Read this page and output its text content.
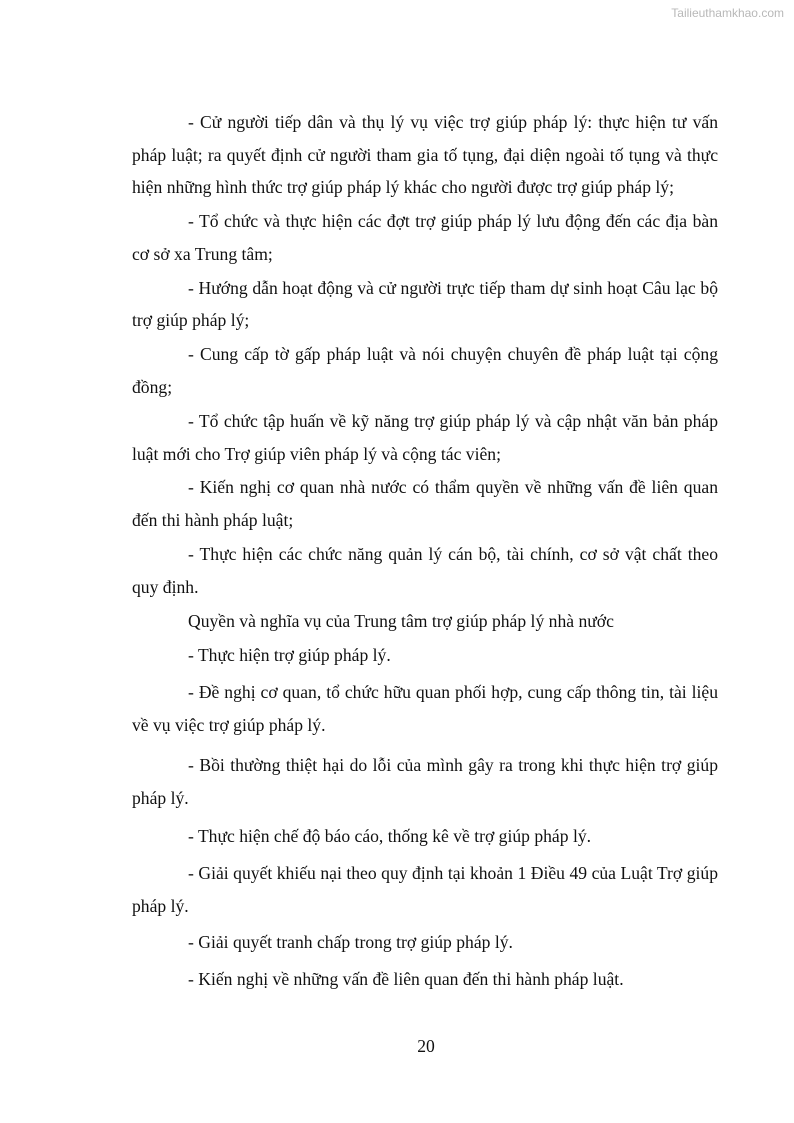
Tailieuthamkhao.com

- Cử người tiếp dân và thụ lý vụ việc trợ giúp pháp lý: thực hiện tư vấn pháp luật; ra quyết định cử người tham gia tố tụng, đại diện ngoài tố tụng và thực hiện những hình thức trợ giúp pháp lý khác cho người được trợ giúp pháp lý;

- Tổ chức và thực hiện các đợt trợ giúp pháp lý lưu động đến các địa bàn cơ sở xa Trung tâm;

- Hướng dẫn hoạt động và cử người trực tiếp tham dự sinh hoạt Câu lạc bộ trợ giúp pháp lý;

- Cung cấp tờ gấp pháp luật và nói chuyện chuyên đề pháp luật tại cộng đồng;

- Tổ chức tập huấn về kỹ năng trợ giúp pháp lý và cập nhật văn bản pháp luật mới cho Trợ giúp viên pháp lý và cộng tác viên;

- Kiến nghị cơ quan nhà nước có thẩm quyền về những vấn đề liên quan đến thi hành pháp luật;

- Thực hiện các chức năng quản lý cán bộ, tài chính, cơ sở vật chất theo quy định.

Quyền và nghĩa vụ của Trung tâm trợ giúp pháp lý nhà nước

- Thực hiện trợ giúp pháp lý.

- Đề nghị cơ quan, tổ chức hữu quan phối hợp, cung cấp thông tin, tài liệu về vụ việc trợ giúp pháp lý.

- Bồi thường thiệt hại do lỗi của mình gây ra trong khi thực hiện trợ giúp pháp lý.

- Thực hiện chế độ báo cáo, thống kê về trợ giúp pháp lý.

- Giải quyết khiếu nại theo quy định tại khoản 1 Điều 49 của Luật Trợ giúp pháp lý.

- Giải quyết tranh chấp trong trợ giúp pháp lý.

- Kiến nghị về những vấn đề liên quan đến thi hành pháp luật.

20
